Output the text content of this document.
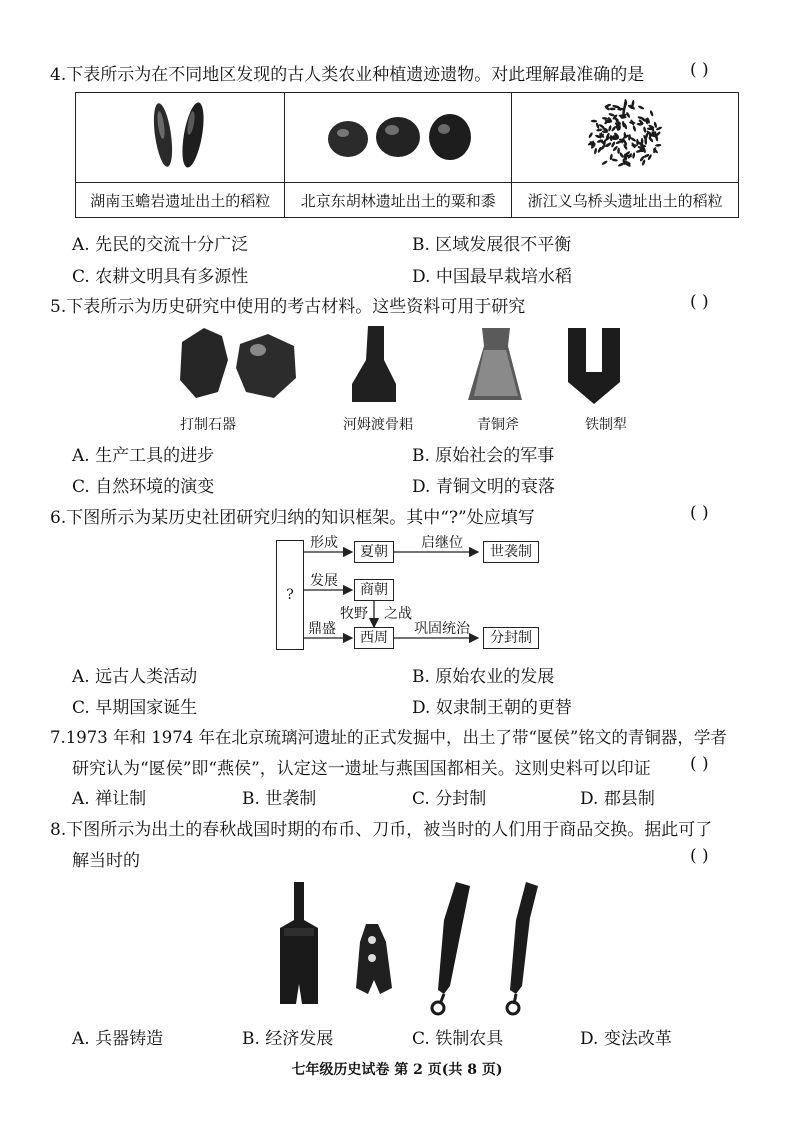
4.下表所示为在不同地区发现的古人类农业种植遗迹遗物。对此理解最准确的是	( )

湖南玉蟾岩遗址出土的稻粒	北京东胡林遗址出土的粟和黍	浙江义乌桥头遗址出土的稻粒
A. 先民的交流十分广泛	B. 区域发展很不平衡
C. 农耕文明具有多源性	D. 中国最早栽培水稻
5.下表所示为历史研究中使用的考古材料。这些资料可用于研究	( )
打制石器	河姆渡骨耜	青铜斧	铁制犁
A. 生产工具的进步	B. 原始社会的军事
C. 自然环境的演变	D. 青铜文明的衰落
6.下图所示为某历史社团研究归纳的知识框架。其中“?”处应填写	( )
?
夏朝
商朝
西周
世袭制
分封制
形成	启继位
发展
牧野 之战
鼎盛	巩固统治
A. 远古人类活动	B. 原始农业的发展
C. 早期国家诞生	D. 奴隶制王朝的更替
7.1973 年和 1974 年在北京琉璃河遗址的正式发掘中，出土了带“匽侯”铭文的青铜器，学者
研究认为“匽侯”即“燕侯”，认定这一遗址与燕国国都相关。这则史料可以印证 ( )
A. 禅让制	B. 世袭制	C. 分封制	D. 郡县制
8.下图所示为出土的春秋战国时期的布币、刀币，被当时的人们用于商品交换。据此可了
解当时的	( )
A. 兵器铸造	B. 经济发展	C. 铁制农具	D. 变法改革
七年级历史试卷 第 2 页(共 8 页)
